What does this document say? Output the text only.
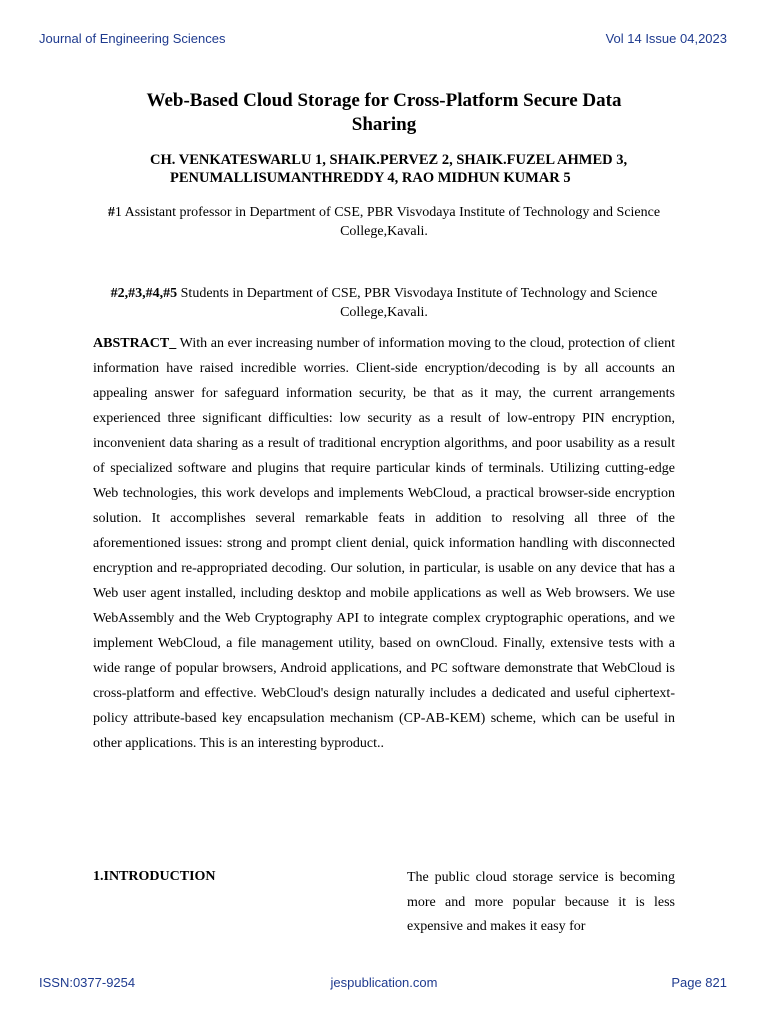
Journal of Engineering Sciences	Vol 14 Issue 04,2023
Web-Based Cloud Storage for Cross-Platform Secure Data
Sharing
CH. VENKATESWARLU 1, SHAIK.PERVEZ 2, SHAIK.FUZEL AHMED 3,
PENUMALLISUMANTHREDDY 4, RAO MIDHUN KUMAR 5
#1 Assistant professor in Department of CSE, PBR Visvodaya Institute of Technology and Science College,Kavali.
#2,#3,#4,#5 Students in Department of CSE, PBR Visvodaya Institute of Technology and Science College,Kavali.
ABSTRACT_ With an ever increasing number of information moving to the cloud, protection of client information have raised incredible worries. Client-side encryption/decoding is by all accounts an appealing answer for safeguard information security, be that as it may, the current arrangements experienced three significant difficulties: low security as a result of low-entropy PIN encryption, inconvenient data sharing as a result of traditional encryption algorithms, and poor usability as a result of specialized software and plugins that require particular kinds of terminals. Utilizing cutting-edge Web technologies, this work develops and implements WebCloud, a practical browser-side encryption solution. It accomplishes several remarkable feats in addition to resolving all three of the aforementioned issues: strong and prompt client denial, quick information handling with disconnected encryption and re-appropriated decoding. Our solution, in particular, is usable on any device that has a Web user agent installed, including desktop and mobile applications as well as Web browsers. We use WebAssembly and the Web Cryptography API to integrate complex cryptographic operations, and we implement WebCloud, a file management utility, based on ownCloud. Finally, extensive tests with a wide range of popular browsers, Android applications, and PC software demonstrate that WebCloud is cross-platform and effective. WebCloud's design naturally includes a dedicated and useful ciphertext-policy attribute-based key encapsulation mechanism (CP-AB-KEM) scheme, which can be useful in other applications. This is an interesting byproduct..
1.INTRODUCTION	The public cloud storage service is becoming more and more popular because it is less expensive and makes it easy for
ISSN:0377-9254	jespublication.com	Page 821
